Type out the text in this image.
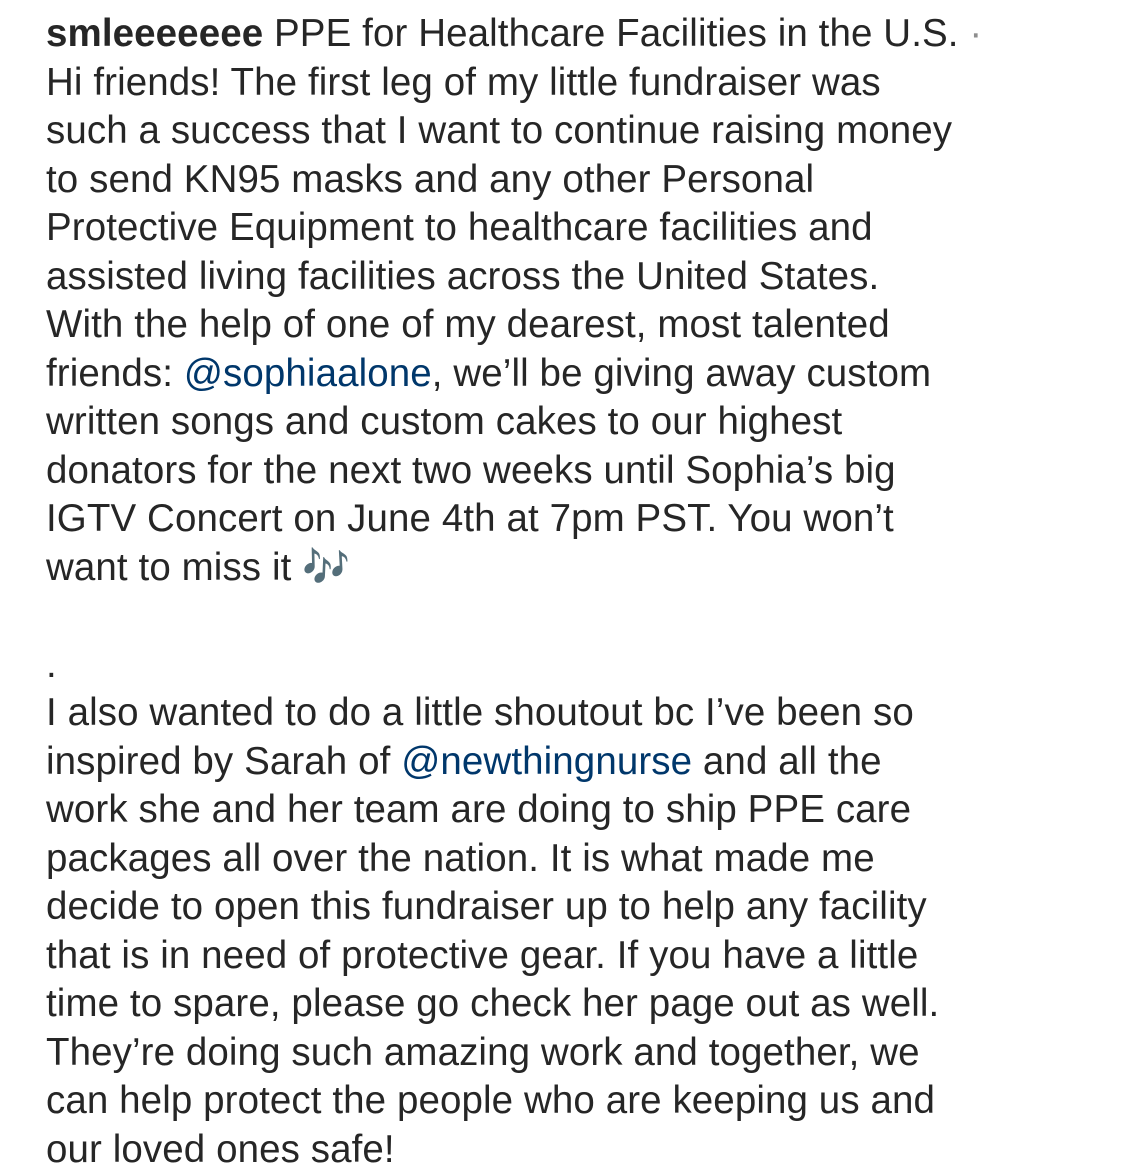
smleeeeeee PPE for Healthcare Facilities in the U.S. ·
Hi friends! The first leg of my little fundraiser was
such a success that I want to continue raising money
to send KN95 masks and any other Personal
Protective Equipment to healthcare facilities and
assisted living facilities across the United States.
With the help of one of my dearest, most talented
friends: @sophiaalone, we’ll be giving away custom
written songs and custom cakes to our highest
donators for the next two weeks until Sophia’s big
IGTV Concert on June 4th at 7pm PST. You won’t
want to miss it 🎶
.
I also wanted to do a little shoutout bc I’ve been so
inspired by Sarah of @newthingnurse and all the
work she and her team are doing to ship PPE care
packages all over the nation. It is what made me
decide to open this fundraiser up to help any facility
that is in need of protective gear. If you have a little
time to spare, please go check her page out as well.
They’re doing such amazing work and together, we
can help protect the people who are keeping us and
our loved ones safe!
